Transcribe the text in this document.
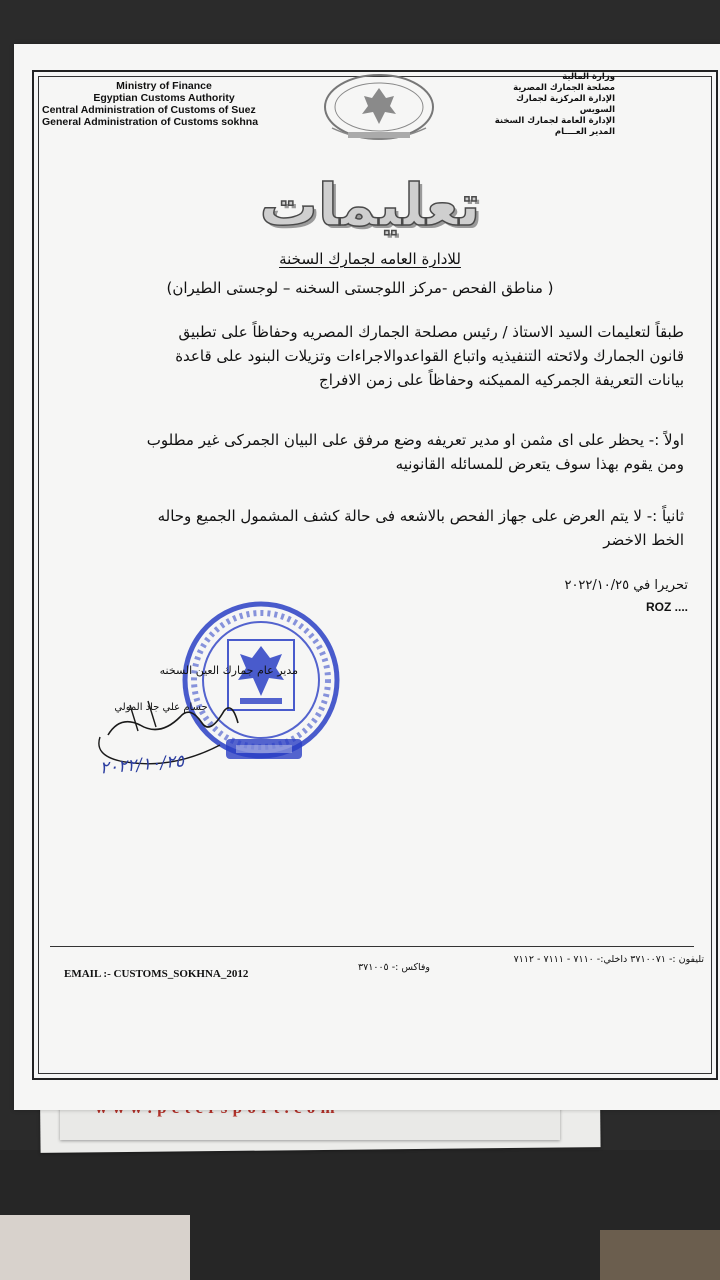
Ministry of Finance
Egyptian Customs Authority
Central Administration of Customs of Suez
General Administration of Customs sokhna
وزارة المالية
مصلحة الجمارك المصرية
الإدارة المركزية لجمارك السويس
الإدارة العامة لجمارك السخنة
المدير العــــام
تعليمات
للادارة العامه لجمارك السخنة
( مناطق الفحص -مركز اللوجستى السخنه – لوجستى الطيران)
طبقاً لتعليمات السيد الاستاذ / رئيس مصلحة الجمارك المصريه وحفاظاً على تطبيق
قانون الجمارك ولائحته التنفيذيه واتباع القواعدوالاجراءات وتزيلات البنود على قاعدة
بيانات التعريفة الجمركيه المميكنه وحفاظاً على زمن الافراج
اولاً :- يحظر على اى مثمن او مدير تعريفه وضع مرفق على البيان الجمركى غير مطلوب
ومن يقوم بهذا سوف يتعرض للمسائله القانونيه
ثانياً :- لا يتم العرض على جهاز الفحص بالاشعه فى حالة كشف المشمول الجميع وحاله
الخط الاخضر
تحريرا في ٢٠٢٢/١٠/٢٥
ROZ ....
مدير عام جمارك العين السخنه
حسام علي جاد المولي
٢٠٢٢/١٠/٢٥
EMAIL :- CUSTOMS_SOKHNA_2012
وفاكس :- ٣٧١٠٠٥
تليفون :- ٣٧١٠٠٧١ داخلي:- ٧١١٠ - ٧١١١ - ٧١١٢
